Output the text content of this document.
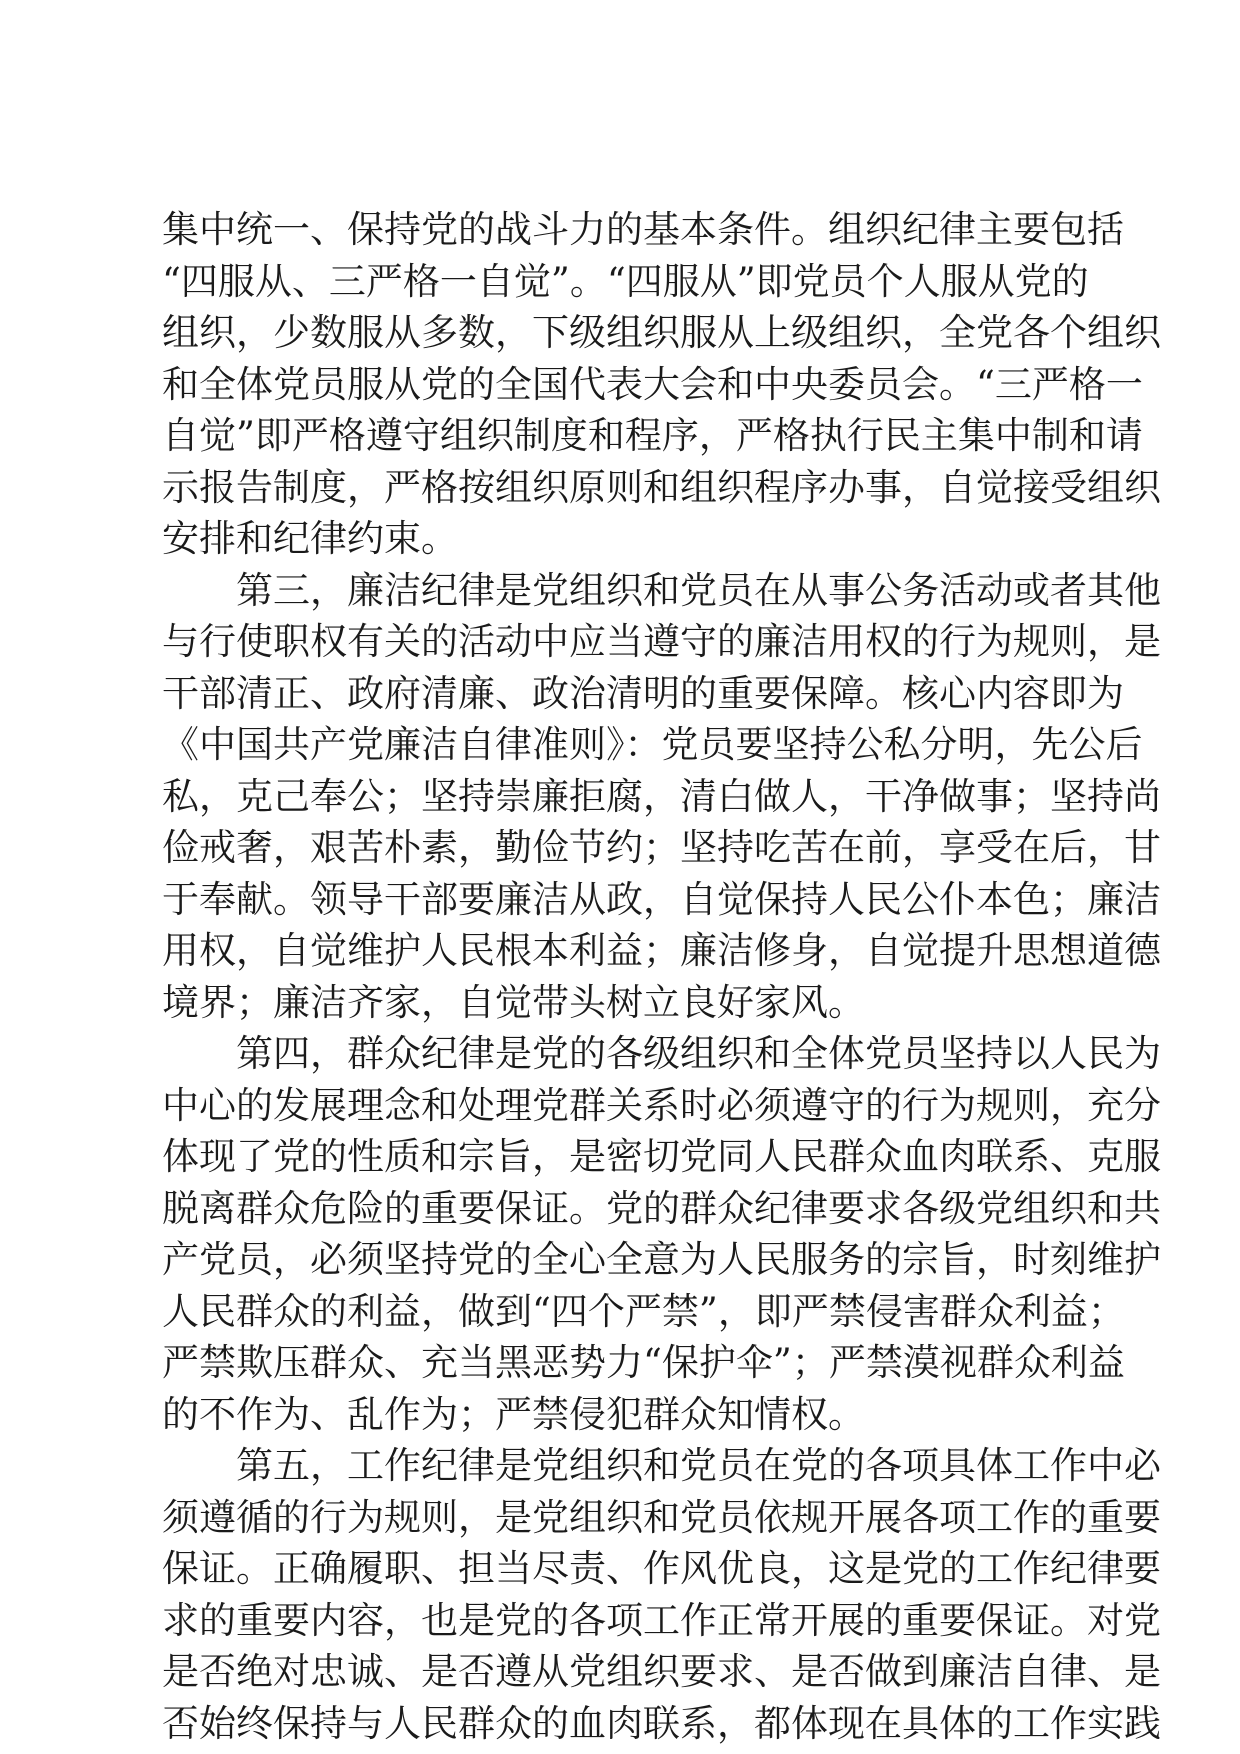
集中统一、保持党的战斗力的基本条件。组织纪律主要包括
“四服从、三严格一自觉”。“四服从”即党员个人服从党的
组织，少数服从多数，下级组织服从上级组织，全党各个组织
和全体党员服从党的全国代表大会和中央委员会。“三严格一
自觉”即严格遵守组织制度和程序，严格执行民主集中制和请
示报告制度，严格按组织原则和组织程序办事，自觉接受组织
安排和纪律约束。
第三，廉洁纪律是党组织和党员在从事公务活动或者其他
与行使职权有关的活动中应当遵守的廉洁用权的行为规则，是
干部清正、政府清廉、政治清明的重要保障。核心内容即为
《中国共产党廉洁自律准则》：党员要坚持公私分明，先公后
私，克己奉公；坚持崇廉拒腐，清白做人，干净做事；坚持尚
俭戒奢，艰苦朴素，勤俭节约；坚持吃苦在前，享受在后，甘
于奉献。领导干部要廉洁从政，自觉保持人民公仆本色；廉洁
用权，自觉维护人民根本利益；廉洁修身，自觉提升思想道德
境界；廉洁齐家，自觉带头树立良好家风。
第四，群众纪律是党的各级组织和全体党员坚持以人民为
中心的发展理念和处理党群关系时必须遵守的行为规则，充分
体现了党的性质和宗旨，是密切党同人民群众血肉联系、克服
脱离群众危险的重要保证。党的群众纪律要求各级党组织和共
产党员，必须坚持党的全心全意为人民服务的宗旨，时刻维护
人民群众的利益，做到“四个严禁”，即严禁侵害群众利益；
严禁欺压群众、充当黑恶势力“保护伞”；严禁漠视群众利益
的不作为、乱作为；严禁侵犯群众知情权。
第五，工作纪律是党组织和党员在党的各项具体工作中必
须遵循的行为规则，是党组织和党员依规开展各项工作的重要
保证。正确履职、担当尽责、作风优良，这是党的工作纪律要
求的重要内容，也是党的各项工作正常开展的重要保证。对党
是否绝对忠诚、是否遵从党组织要求、是否做到廉洁自律、是
否始终保持与人民群众的血肉联系，都体现在具体的工作实践
